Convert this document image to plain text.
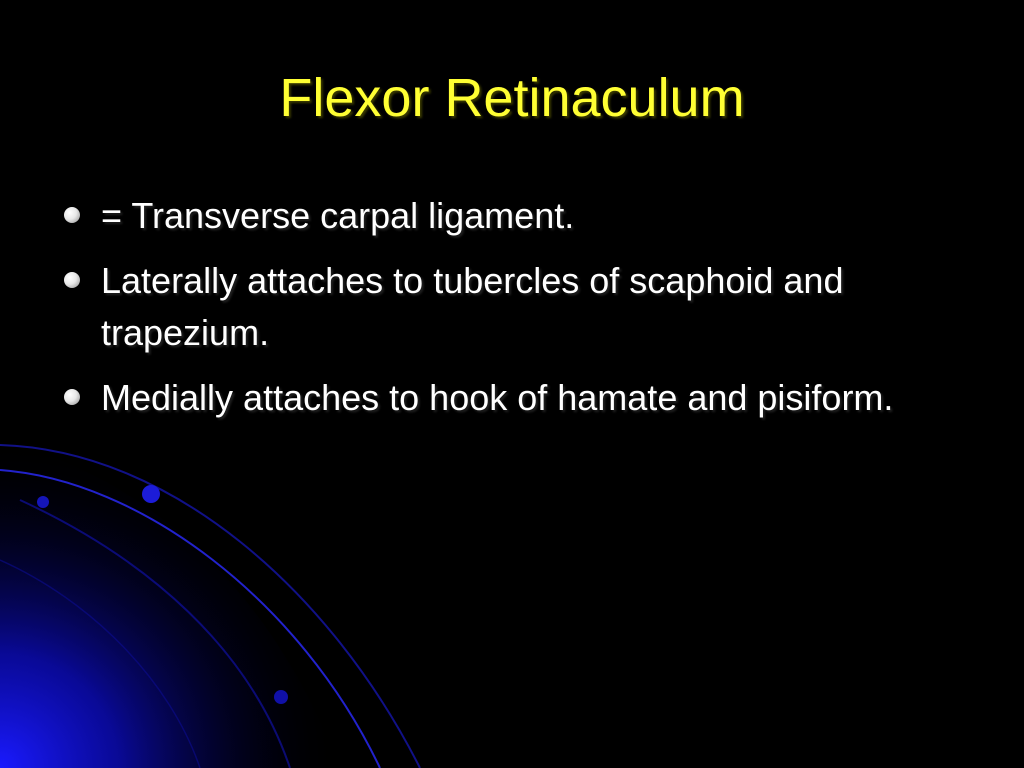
Flexor Retinaculum
= Transverse carpal ligament.
Laterally attaches to tubercles of scaphoid and trapezium.
Medially attaches to hook of hamate and pisiform.
